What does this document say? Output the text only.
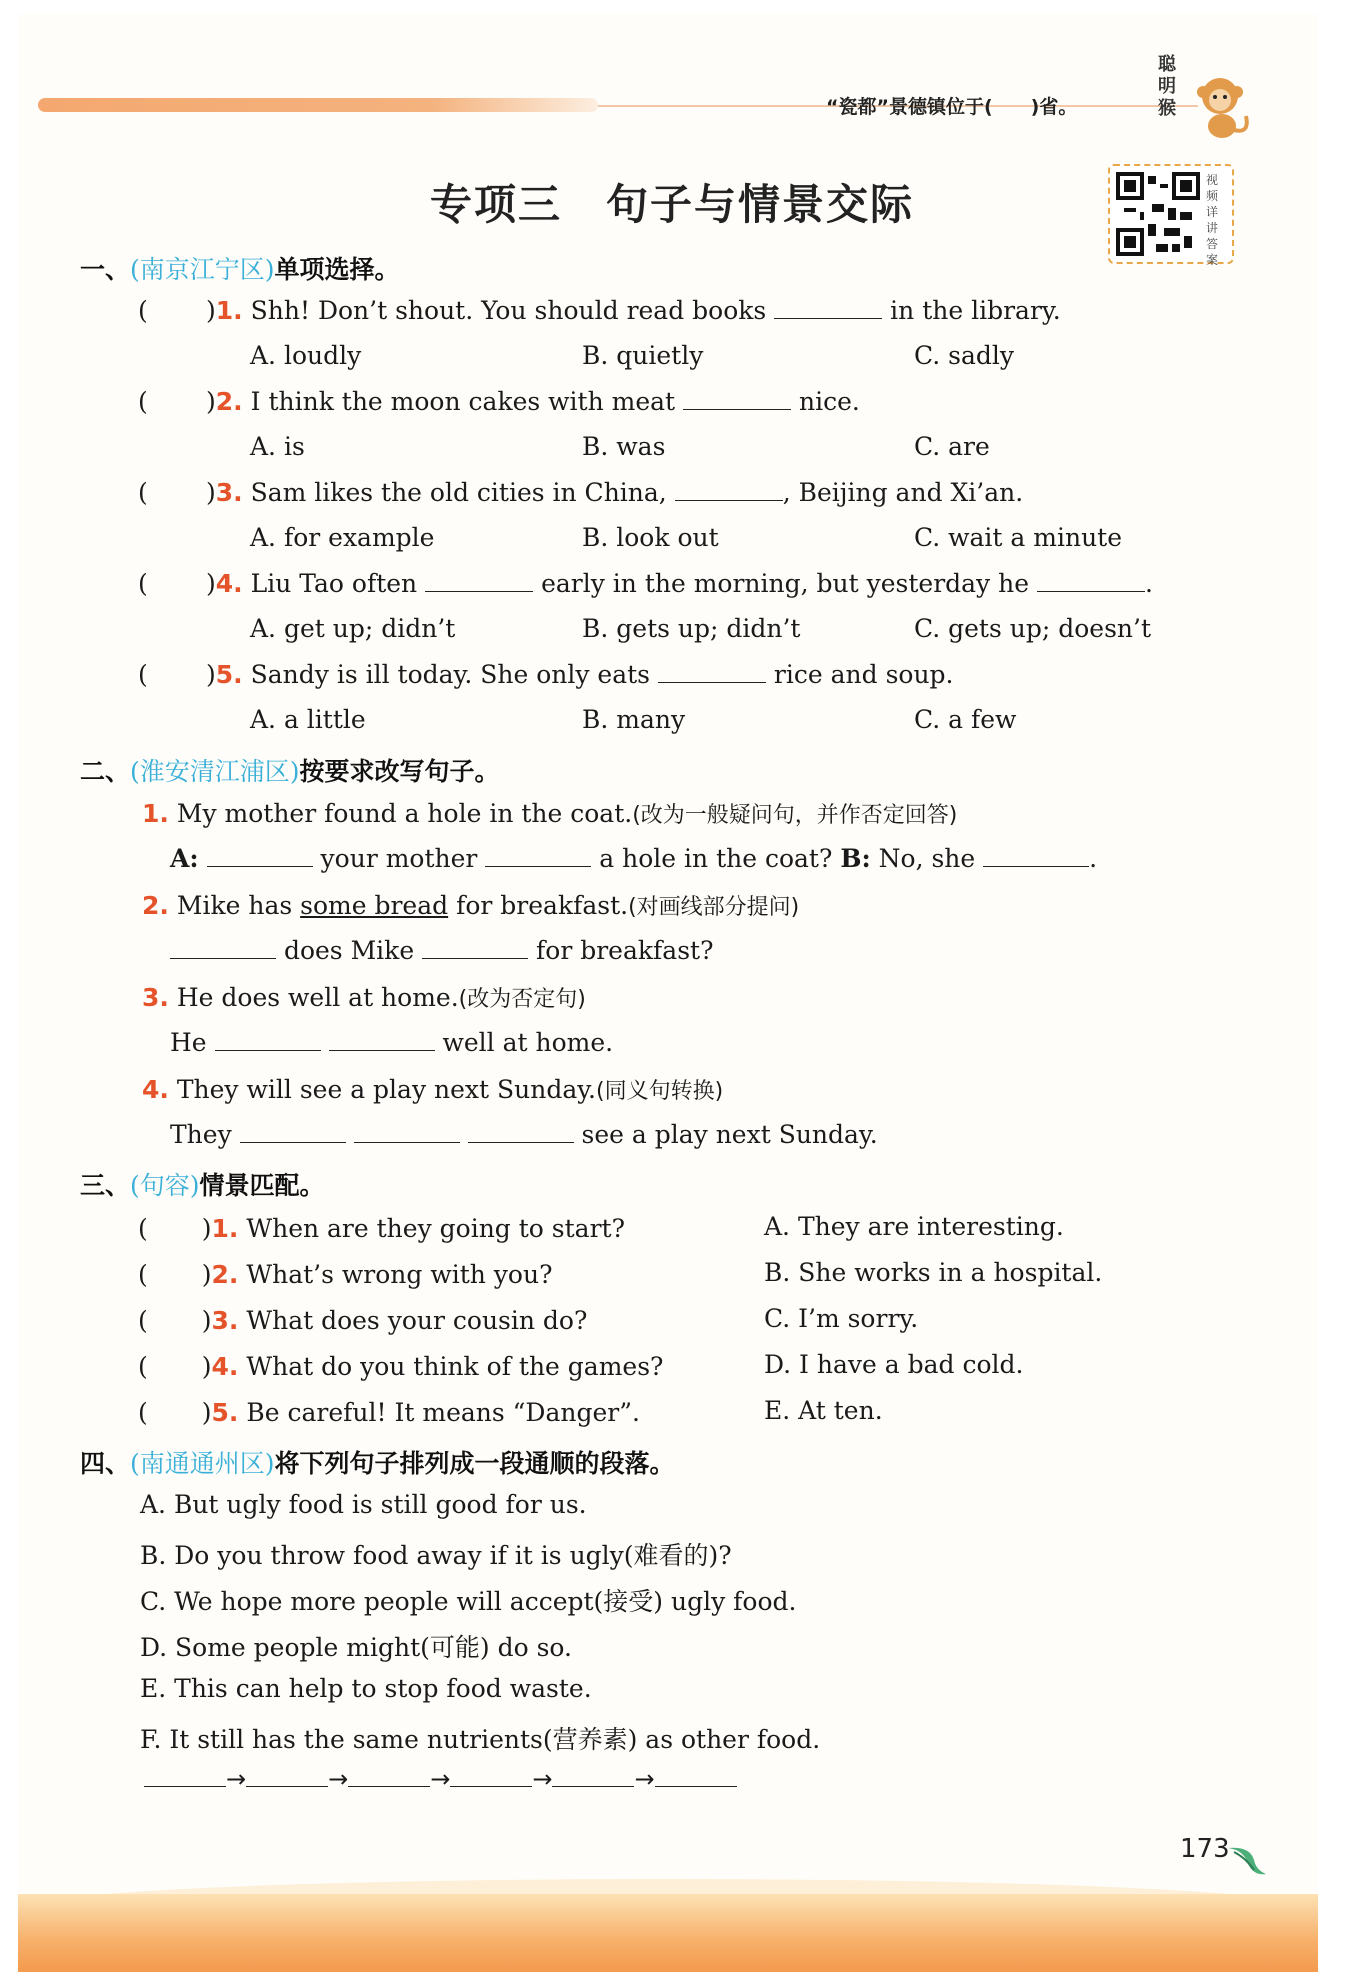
“瓷都”景德镇位于(　　)省。
聪明猴
视频详讲答案
专项三　句子与情景交际
一、(南京江宁区)单项选择。
( )1. Shh! Don’t shout. You should read books	in the library.
A. loudly	B. quietly	C. sadly
( )2. I think the moon cakes with meat	nice.
A. is	B. was	C. are
( )3. Sam likes the old cities in China,	, Beijing and Xi’an.
A. for example	B. look out	C. wait a minute
( )4. Liu Tao often	early in the morning, but yesterday he	.
A. get up; didn’t	B. gets up; didn’t	C. gets up; doesn’t
( )5. Sandy is ill today. She only eats	rice and soup.
A. a little	B. many	C. a few
二、(淮安清江浦区)按要求改写句子。
1. My mother found a hole in the coat.(改为一般疑问句，并作否定回答)
A:	your mother	a hole in the coat? B: No, she	.
2. Mike has some bread for breakfast.(对画线部分提问)
does Mike	for breakfast?
3. He does well at home.(改为否定句)
He	well at home.
4. They will see a play next Sunday.(同义句转换)
They	see a play next Sunday.
三、(句容)情景匹配。
( )1. When are they going to start?
( )2. What’s wrong with you?
( )3. What does your cousin do?
( )4. What do you think of the games?
( )5. Be careful! It means “Danger”.
A. They are interesting.
B. She works in a hospital.
C. I’m sorry.
D. I have a bad cold.
E. At ten.
四、(南通通州区)将下列句子排列成一段通顺的段落。
A. But ugly food is still good for us.
B. Do you throw food away if it is ugly(难看的)?
C. We hope more people will accept(接受) ugly food.
D. Some people might(可能) do so.
E. This can help to stop food waste.
F. It still has the same nutrients(营养素) as other food.
→	→	→	→	→
173
